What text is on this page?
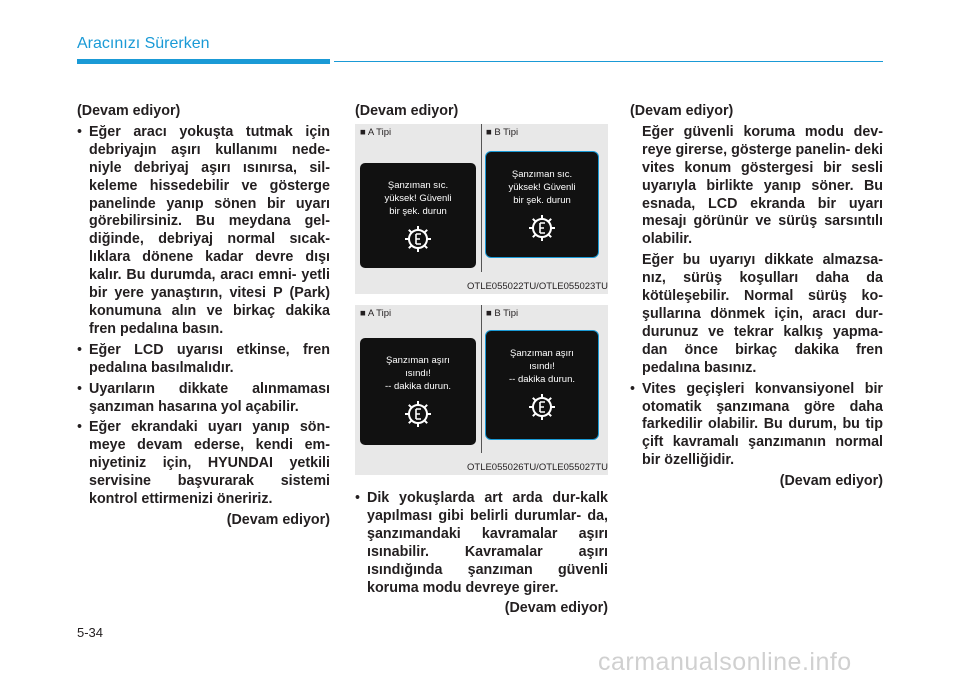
Aracınızı Sürerken

(Devam ediyor)

• Eğer aracı yokuşta tutmak için debriyajın aşırı kullanımı nede- niyle debriyaj aşırı ısınırsa, sil- keleme hissedebilir ve gösterge panelinde yanıp sönen bir uyarı görebilirsiniz. Bu meydana gel- diğinde, debriyaj normal sıcak- lıklara dönene kadar devre dışı kalır. Bu durumda, aracı emni- yetli bir yere yanaştırın, vitesi P (Park) konumuna alın ve birkaç dakika fren pedalına basın.
• Eğer LCD uyarısı etkinse, fren pedalına basılmalıdır.
• Uyarıların dikkate alınmaması şanzıman hasarına yol açabilir.
• Eğer ekrandaki uyarı yanıp sön- meye devam ederse, kendi em- niyetiniz için, HYUNDAI yetkili servisine başvurarak sistemi kontrol ettirmenizi öneririz.

(Devam ediyor)

(Devam ediyor)

■ A Tipi	■ B Tipi
Şanzıman sıc.
yüksek! Güvenli
bir şek. durun
Şanzıman sıc.
yüksek! Güvenli
bir şek. durun
OTLE055022TU/OTLE055023TU
■ A Tipi	■ B Tipi
Şanzıman aşırı
ısındı!
-- dakika durun.
Şanzıman aşırı
ısındı!
-- dakika durun.
OTLE055026TU/OTLE055027TU
• Dik yokuşlarda art arda dur-kalk yapılması gibi belirli durumlar- da, şanzımandaki kavramalar aşırı ısınabilir. Kavramalar aşırı ısındığında şanzıman güvenli koruma modu devreye girer.

(Devam ediyor)

(Devam ediyor)

Eğer güvenli koruma modu dev- reye girerse, gösterge panelin- deki vites konum göstergesi bir sesli uyarıyla birlikte yanıp söner. Bu esnada, LCD ekranda bir uyarı mesajı görünür ve sürüş sarsıntılı olabilir.

Eğer bu uyarıyı dikkate almazsa- nız, sürüş koşulları daha da kötüleşebilir. Normal sürüş ko- şullarına dönmek için, aracı dur- durunuz ve tekrar kalkış yapma- dan önce birkaç dakika fren pedalına basınız.

• Vites geçişleri konvansiyonel bir otomatik şanzımana göre daha farkedilir olabilir. Bu durum, bu tip çift kavramalı şanzımanın normal bir özelliğidir.

(Devam ediyor)

5-34
carmanualsonline.info
